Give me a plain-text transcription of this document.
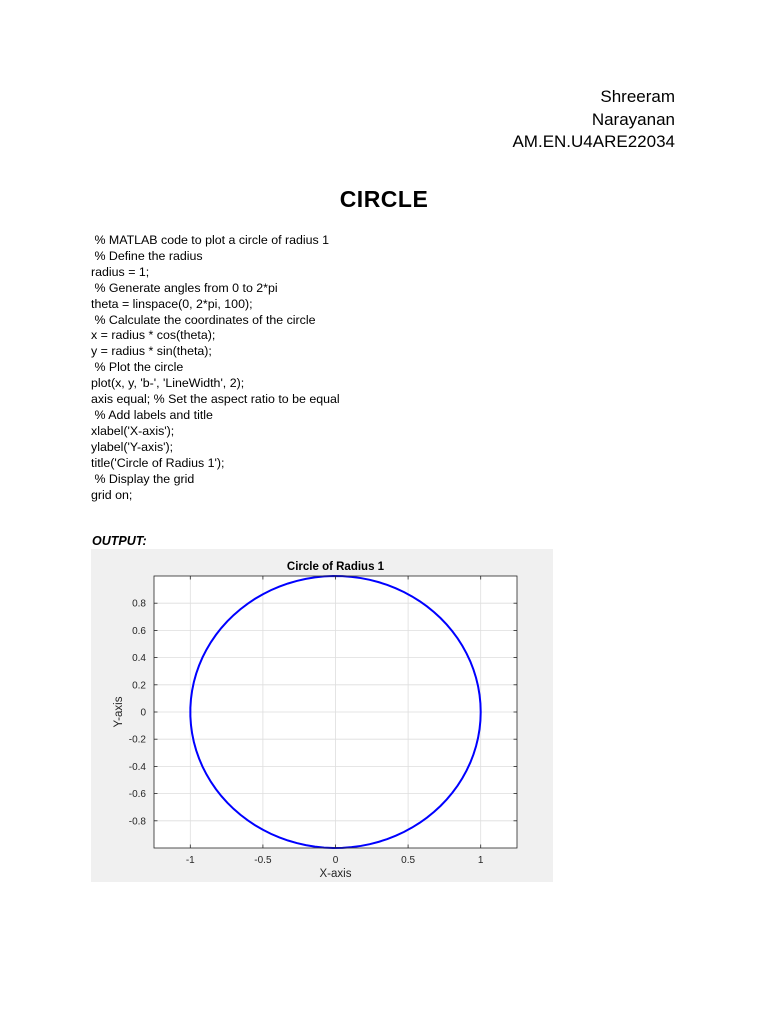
Shreeram
Narayanan
AM.EN.U4ARE22034
CIRCLE
% MATLAB code to plot a circle of radius 1
% Define the radius
radius = 1;
% Generate angles from 0 to 2*pi
theta = linspace(0, 2*pi, 100);
% Calculate the coordinates of the circle
x = radius * cos(theta);
y = radius * sin(theta);
% Plot the circle
plot(x, y, 'b-', 'LineWidth', 2);
axis equal; % Set the aspect ratio to be equal
% Add labels and title
xlabel('X-axis');
ylabel('Y-axis');
title('Circle of Radius 1');
% Display the grid
grid on;
OUTPUT:
-1	-0.5	0	0.5	1
0.8
0.6
0.4
0.2
0
-0.2
-0.4
-0.6
-0.8
Circle of Radius 1
X-axis
Y-axis
